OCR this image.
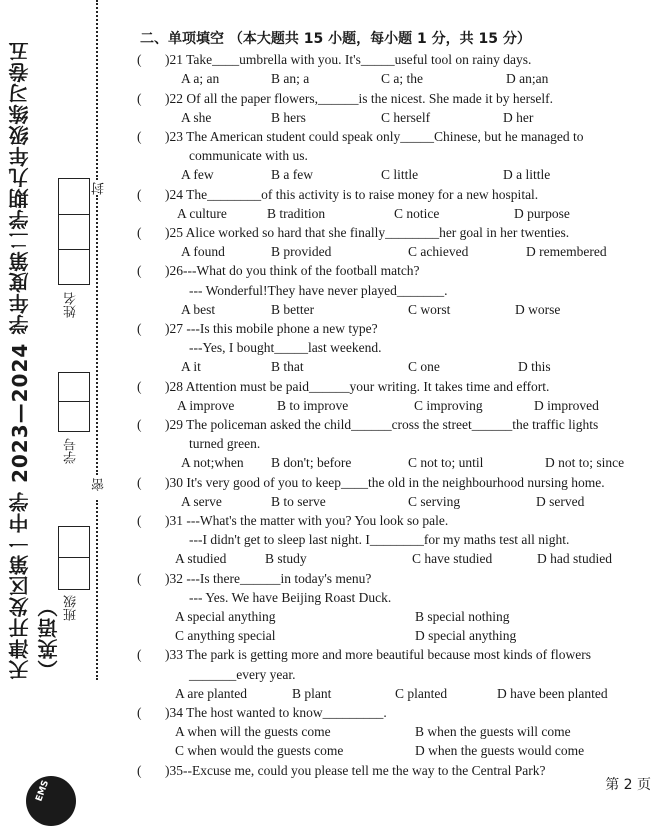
天津开发区第一中学 2023—2024 学年度第二学期九年级练习卷五（英语）
封
密
姓名
学号
班级
二、单项填空 （本大题共 15 小题，每小题 1 分，共 15 分）
( )21 Take____umbrella with you. It's_____useful tool on rainy days.
A a; an	B an; a	C a; the	D an;an
( )22 Of all the paper flowers,______is the nicest. She made it by herself.
A she	B hers	C herself	D her
( )23 The American student could speak only_____Chinese, but he managed to
communicate with us.
A few	B a few	C little	D a little
( )24 The________of this activity is to raise money for a new hospital.
A culture	B tradition	C notice	D purpose
( )25 Alice worked so hard that she finally________her goal in her twenties.
A found	B provided	C achieved	D remembered
( )26---What do you think of the football match?
--- Wonderful!They have never played_______.
A best	B better	C worst	D worse
( )27 ---Is this mobile phone a new type?
---Yes, I bought_____last weekend.
A it	B that	C one	D this
( )28 Attention must be paid______your writing. It takes time and effort.
A improve	B to improve	C improving	D improved
( )29 The policeman asked the child______cross the street______the traffic lights
turned green.
A not;when B don't; before	C not to; until	D not to; since
( )30 It's very good of you to keep____the old in the neighbourhood nursing home.
A serve	B to serve	C serving	D served
( )31 ---What's the matter with you? You look so pale.
---I didn't get to sleep last night. I________for my maths test all night.
A studied	B study	C have studied	D had studied
( )32 ---Is there______in today's menu?
--- Yes. We have Beijing Roast Duck.
A special anything	B special nothing
C anything special	D special anything
( )33 The park is getting more and more beautiful because most kinds of flowers
_______every year.
A are planted	B plant	C planted	D have been planted
( )34 The host wanted to know_________.
A when will the guests come	B when the guests will come
C when would the guests come	D when the guests would come
( )35--Excuse me, could you please tell me the way to the Central Park?
EMS	第 2 页
